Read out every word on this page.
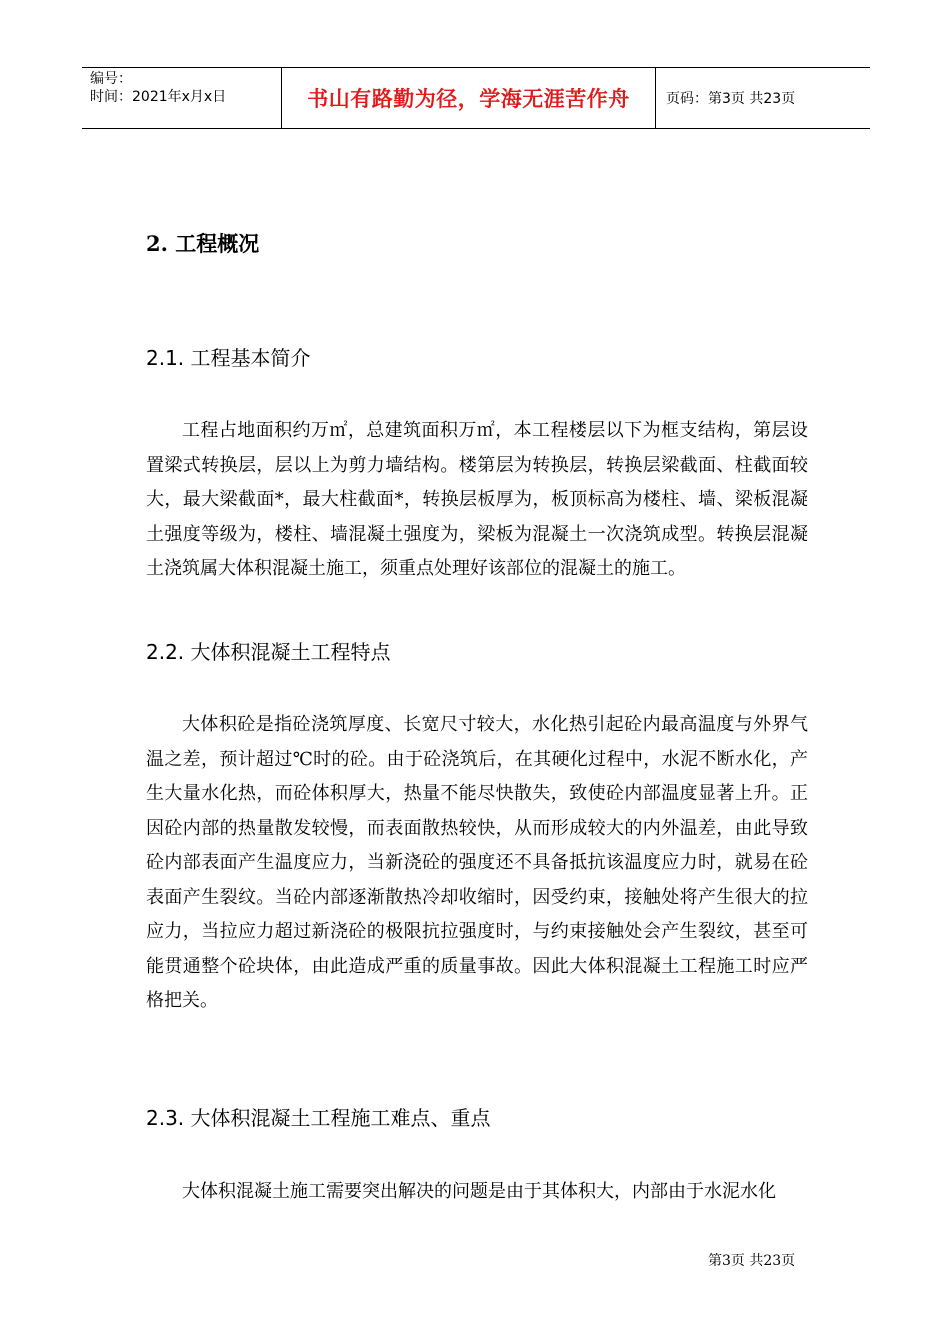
编号：
时间：2021年x月x日	书山有路勤为径，学海无涯苦作舟	页码：第3页 共23页
2. 工程概况
2.1. 工程基本简介

工程占地面积约万㎡，总建筑面积万㎡，本工程楼层以下为框支结构，第层设置梁式转换层，层以上为剪力墙结构。楼第层为转换层，转换层梁截面、柱截面较大，最大梁截面*，最大柱截面*，转换层板厚为，板顶标高为楼柱、墙、梁板混凝土强度等级为，楼柱、墙混凝土强度为，梁板为混凝土一次浇筑成型。转换层混凝土浇筑属大体积混凝土施工，须重点处理好该部位的混凝土的施工。

2.2. 大体积混凝土工程特点

大体积砼是指砼浇筑厚度、长宽尺寸较大，水化热引起砼内最高温度与外界气温之差，预计超过℃时的砼。由于砼浇筑后，在其硬化过程中，水泥不断水化，产生大量水化热，而砼体积厚大，热量不能尽快散失，致使砼内部温度显著上升。正因砼内部的热量散发较慢，而表面散热较快，从而形成较大的内外温差，由此导致砼内部表面产生温度应力，当新浇砼的强度还不具备抵抗该温度应力时，就易在砼表面产生裂纹。当砼内部逐渐散热冷却收缩时，因受约束，接触处将产生很大的拉应力，当拉应力超过新浇砼的极限抗拉强度时，与约束接触处会产生裂纹，甚至可能贯通整个砼块体，由此造成严重的质量事故。因此大体积混凝土工程施工时应严格把关。

2.3. 大体积混凝土工程施工难点、重点

大体积混凝土施工需要突出解决的问题是由于其体积大，内部由于水泥水化

第3页 共23页
